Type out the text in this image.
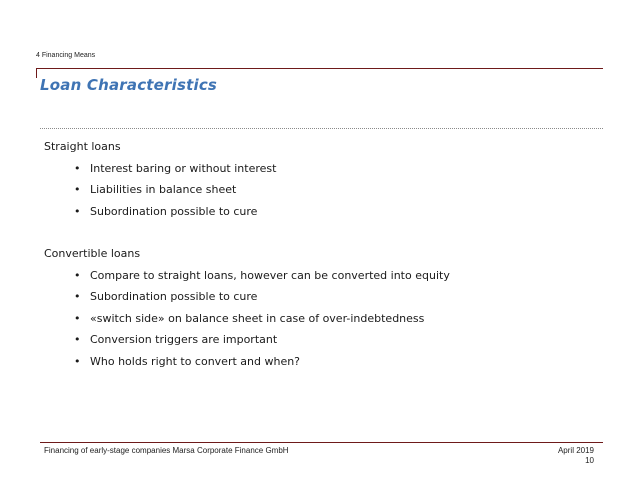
4 Financing Means
Loan Characteristics

Straight loans

• Interest baring or without interest
• Liabilities in balance sheet
• Subordination possible to cure

Convertible loans

• Compare to straight loans, however can be converted into equity
• Subordination possible to cure
• «switch side» on balance sheet in case of over-indebtedness
• Conversion triggers are important
• Who holds right to convert and when?
Financing of early-stage companies Marsa Corporate Finance GmbH	April 2019
10
